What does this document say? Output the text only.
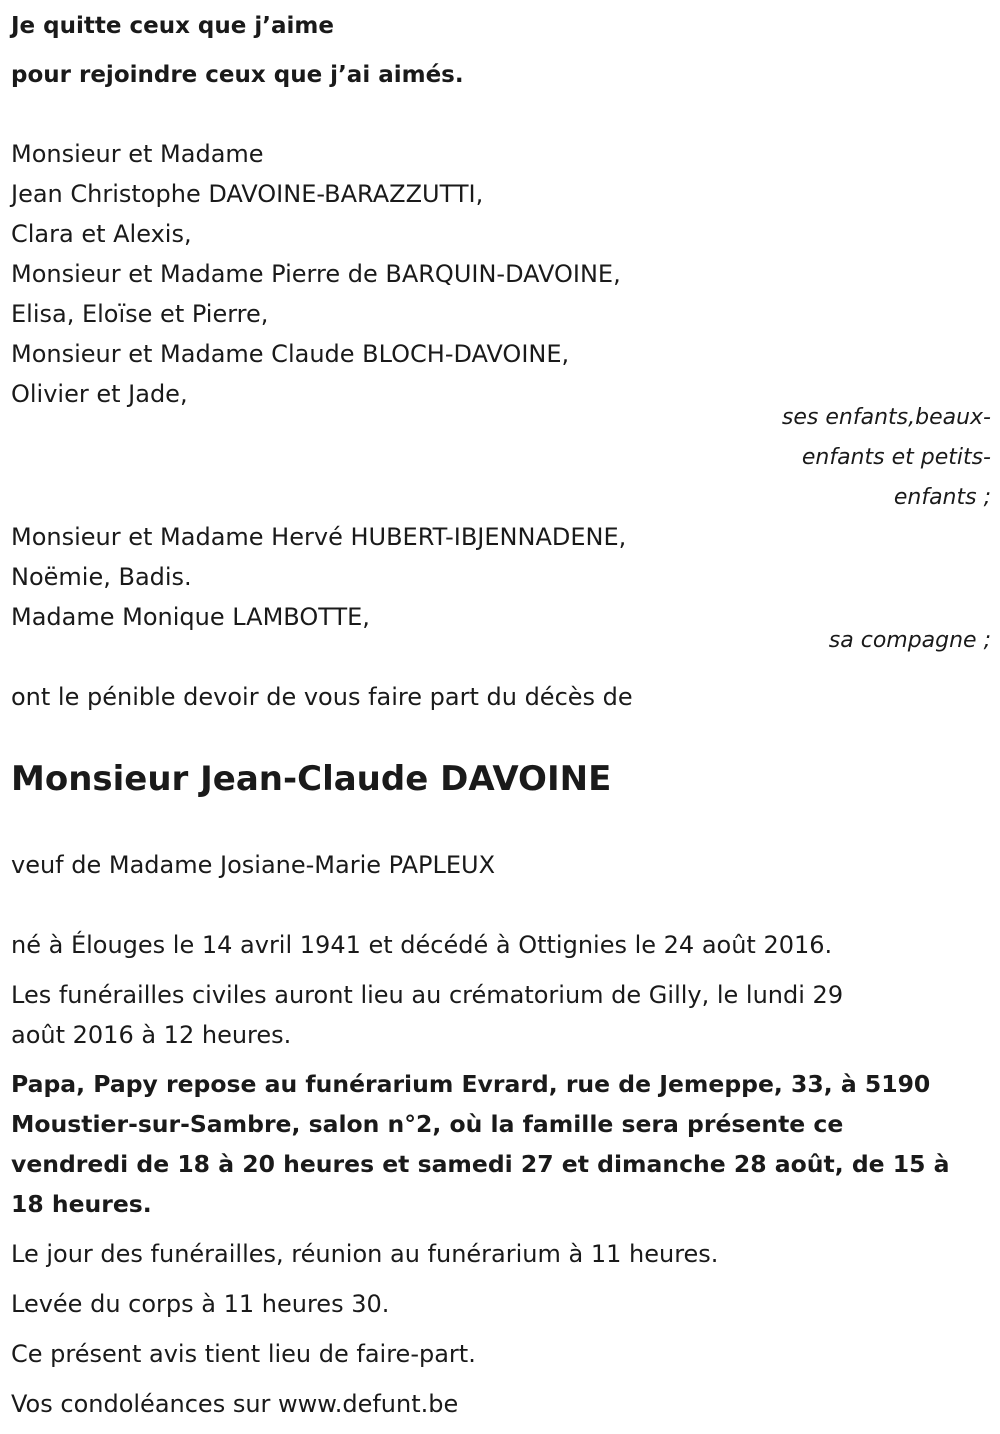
Je quitte ceux que j’aime
pour rejoindre ceux que j’ai aimés.
Monsieur et Madame
Jean Christophe DAVOINE-BARAZZUTTI,
Clara et Alexis,
Monsieur et Madame Pierre de BARQUIN-DAVOINE,
Elisa, Eloïse et Pierre,
Monsieur et Madame Claude BLOCH-DAVOINE,
Olivier et Jade,
ses enfants,beaux-
enfants et petits-
enfants ;
Monsieur et Madame Hervé HUBERT-IBJENNADENE,
Noëmie, Badis.
Madame Monique LAMBOTTE,
sa compagne ;
ont le pénible devoir de vous faire part du décès de
Monsieur Jean-Claude DAVOINE
veuf de Madame Josiane-Marie PAPLEUX
né à Élouges le 14 avril 1941 et décédé à Ottignies le 24 août 2016.
Les funérailles civiles auront lieu au crématorium de Gilly, le lundi 29
août 2016 à 12 heures.
Papa, Papy repose au funérarium Evrard, rue de Jemeppe, 33, à 5190
Moustier-sur-Sambre, salon n°2, où la famille sera présente ce
vendredi de 18 à 20 heures et samedi 27 et dimanche 28 août, de 15 à
18 heures.
Le jour des funérailles, réunion au funérarium à 11 heures.
Levée du corps à 11 heures 30.
Ce présent avis tient lieu de faire-part.
Vos condoléances sur www.defunt.be
